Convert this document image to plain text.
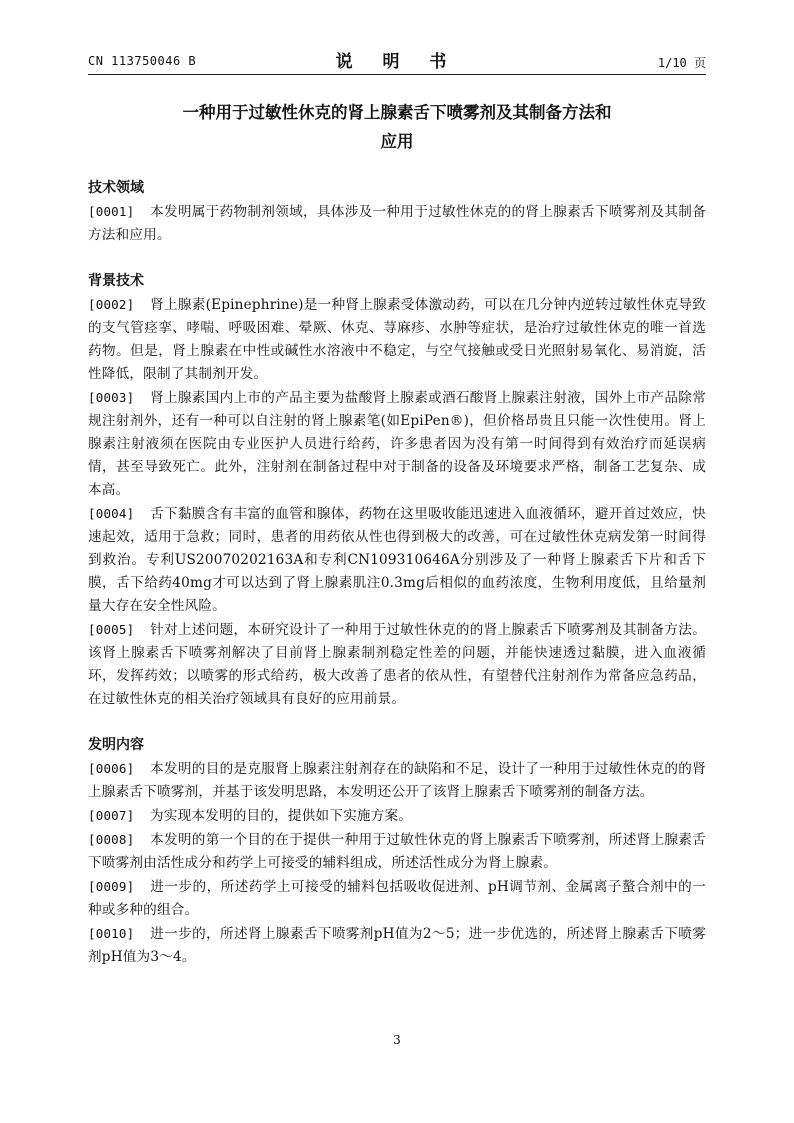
CN 113750046 B	说 明 书	1/10 页
一种用于过敏性休克的肾上腺素舌下喷雾剂及其制备方法和
应用
技术领域

[0001] 本发明属于药物制剂领域，具体涉及一种用于过敏性休克的的肾上腺素舌下喷雾剂及其制备方法和应用。

背景技术

[0002] 肾上腺素(Epinephrine)是一种肾上腺素受体激动药，可以在几分钟内逆转过敏性休克导致的支气管痉挛、哮喘、呼吸困难、晕厥、休克、荨麻疹、水肿等症状，是治疗过敏性休克的唯一首选药物。但是，肾上腺素在中性或碱性水溶液中不稳定，与空气接触或受日光照射易氧化、易消旋，活性降低，限制了其制剂开发。

[0003] 肾上腺素国内上市的产品主要为盐酸肾上腺素或酒石酸肾上腺素注射液，国外上市产品除常规注射剂外，还有一种可以自注射的肾上腺素笔(如EpiPen®)，但价格昂贵且只能一次性使用。肾上腺素注射液须在医院由专业医护人员进行给药，许多患者因为没有第一时间得到有效治疗而延误病情，甚至导致死亡。此外，注射剂在制备过程中对于制备的设备及环境要求严格，制备工艺复杂、成本高。

[0004] 舌下黏膜含有丰富的血管和腺体，药物在这里吸收能迅速进入血液循环，避开首过效应，快速起效，适用于急救；同时，患者的用药依从性也得到极大的改善，可在过敏性休克病发第一时间得到救治。专利US20070202163A和专利CN109310646A分别涉及了一种肾上腺素舌下片和舌下膜，舌下给药40mg才可以达到了肾上腺素肌注0.3mg后相似的血药浓度，生物利用度低，且给量剂量大存在安全性风险。

[0005] 针对上述问题，本研究设计了一种用于过敏性休克的的肾上腺素舌下喷雾剂及其制备方法。该肾上腺素舌下喷雾剂解决了目前肾上腺素制剂稳定性差的问题，并能快速透过黏膜，进入血液循环，发挥药效；以喷雾的形式给药，极大改善了患者的依从性，有望替代注射剂作为常备应急药品，在过敏性休克的相关治疗领域具有良好的应用前景。

发明内容

[0006] 本发明的目的是克服肾上腺素注射剂存在的缺陷和不足，设计了一种用于过敏性休克的的肾上腺素舌下喷雾剂，并基于该发明思路，本发明还公开了该肾上腺素舌下喷雾剂的制备方法。

[0007] 为实现本发明的目的，提供如下实施方案。

[0008] 本发明的第一个目的在于提供一种用于过敏性休克的肾上腺素舌下喷雾剂，所述肾上腺素舌下喷雾剂由活性成分和药学上可接受的辅料组成，所述活性成分为肾上腺素。

[0009] 进一步的，所述药学上可接受的辅料包括吸收促进剂、pH调节剂、金属离子螯合剂中的一种或多种的组合。

[0010] 进一步的，所述肾上腺素舌下喷雾剂pH值为2～5；进一步优选的，所述肾上腺素舌下喷雾剂pH值为3～4。

3
